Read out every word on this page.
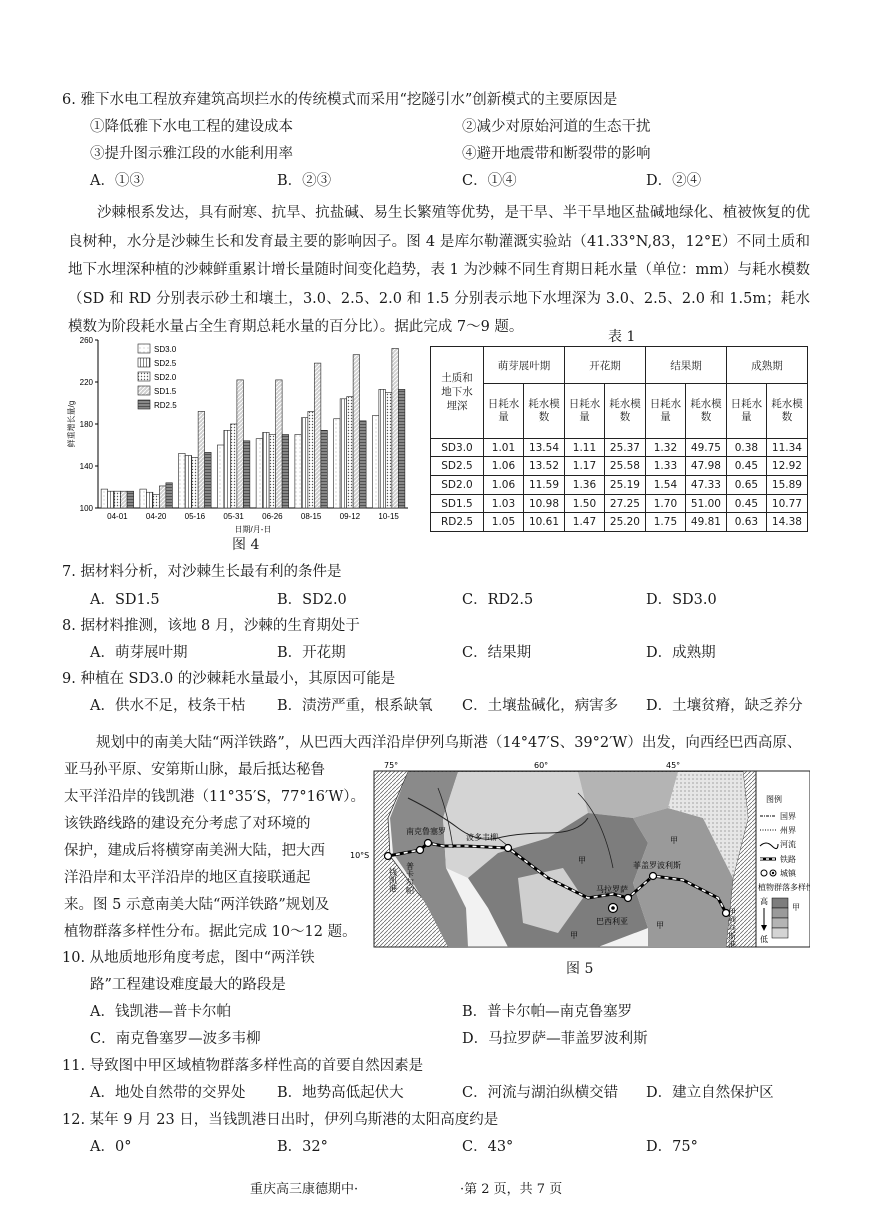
6. 雅下水电工程放弃建筑高坝拦水的传统模式而采用“挖隧引水”创新模式的主要原因是
①降低雅下水电工程的建设成本	②减少对原始河道的生态干扰
③提升图示雅江段的水能利用率	④避开地震带和断裂带的影响
A．①③	B．②③	C．①④	D．②④

沙棘根系发达，具有耐寒、抗旱、抗盐碱、易生长繁殖等优势，是干旱、半干旱地区盐碱地绿化、植被恢复的优良树种，水分是沙棘生长和发育最主要的影响因子。图 4 是库尔勒灌溉实验站（41.33°N,83，12°E）不同土质和地下水埋深种植的沙棘鲜重累计增长量随时间变化趋势，表 1 为沙棘不同生育期日耗水量（单位：mm）与耗水模数（SD 和 RD 分别表示砂土和壤土，3.0、2.5、2.0 和 1.5 分别表示地下水埋深为 3.0、2.5、2.0 和 1.5m；耗水模数为阶段耗水量占全生育期总耗水量的百分比）。据此完成 7～9 题。

100
140
180
220
260
鲜重增长量/g
04-01 04-20 05-16 05-31 06-26 08-15 09-12 10-15
日期/月-日
SD3.0
SD2.5
SD2.0
SD1.5
RD2.5
图 4
表 1
土质和
地下水
埋深	萌芽展叶期		开花期		结果期		成熟期	
	日耗水量	耗水模数	日耗水量	耗水模数	日耗水量	耗水模数	日耗水量	耗水模数
SD3.0	1.01	13.54	1.11	25.37	1.32	49.75	0.38	11.34
SD2.5	1.06	13.52	1.17	25.58	1.33	47.98	0.45	12.92
SD2.0	1.06	11.59	1.36	25.19	1.54	47.33	0.65	15.89
SD1.5	1.03	10.98	1.50	27.25	1.70	51.00	0.45	10.77
RD2.5	1.05	10.61	1.47	25.20	1.75	49.81	0.63	14.38
7. 据材料分析，对沙棘生长最有利的条件是
A．SD1.5	B．SD2.0	C．RD2.5	D．SD3.0
8. 据材料推测，该地 8 月，沙棘的生育期处于
A．萌芽展叶期	B．开花期	C．结果期	D．成熟期
9. 种植在 SD3.0 的沙棘耗水量最小，其原因可能是
A．供水不足，枝条干枯 B．渍涝严重，根系缺氧 C．土壤盐碱化，病害多 D．土壤贫瘠，缺乏养分
规划中的南美大陆“两洋铁路”，从巴西大西洋沿岸伊列乌斯港（14°47′S、39°2′W）出发，向西经巴西高原、
亚马孙平原、安第斯山脉，最后抵达秘鲁
太平洋沿岸的钱凯港（11°35′S，77°16′W）。
该铁路线路的建设充分考虑了对环境的
保护，建成后将横穿南美洲大陆，把大西
洋沿岸和太平洋沿岸的地区直接联通起
来。图 5 示意南美大陆“两洋铁路”规划及
植物群落多样性分布。据此完成 10～12 题。
75°	60°	45°
10°S
钱凯港 普卡尔帕
南克鲁塞罗
波多韦柳
菲盖罗波利斯
马拉罗萨
巴西利亚	伊列乌斯港
甲
甲
甲
甲
图例
国界
州界
河流
铁路
城镇
植物群落多样性
高
低
甲
图 5
10. 从地质地形角度考虑，图中“两洋铁
路”工程建设难度最大的路段是
A．钱凯港—普卡尔帕	B．普卡尔帕—南克鲁塞罗
C．南克鲁塞罗—波多韦柳	D．马拉罗萨—菲盖罗波利斯
11. 导致图中甲区域植物群落多样性高的首要自然因素是
A．地处自然带的交界处 B．地势高低起伏大	C．河流与湖泊纵横交错 D．建立自然保护区
12. 某年 9 月 23 日，当钱凯港日出时，伊列乌斯港的太阳高度约是
A．0°	B．32°	C．43°	D．75°
重庆高三康德期中·	·第 2 页，共 7 页
